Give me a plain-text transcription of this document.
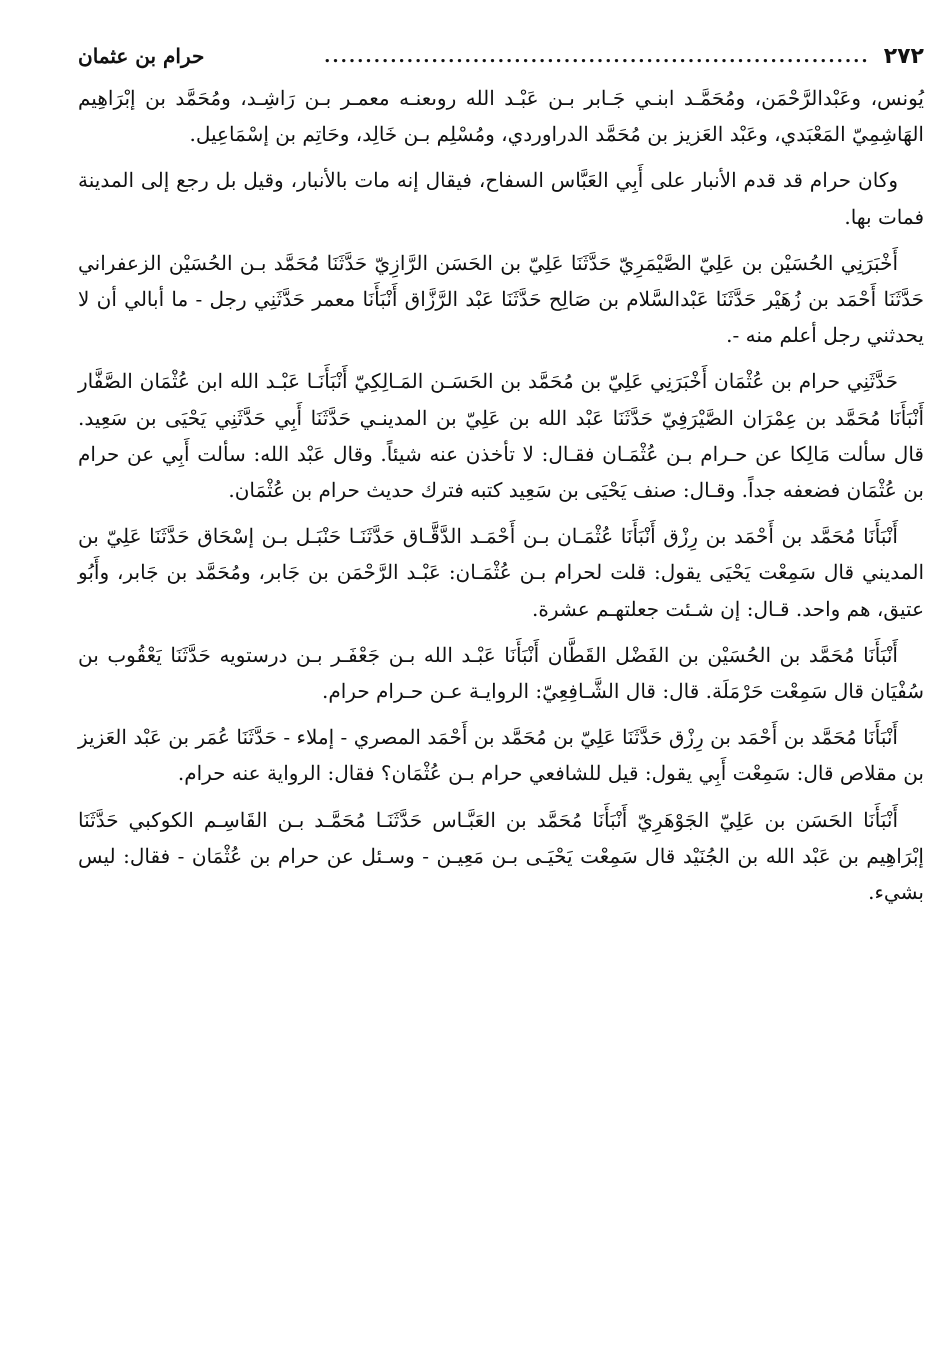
٢٧٢
..................................................................
حرام بن عثمان

يُونس، وعَبْدالرَّحْمَن، ومُحَمَّـد ابنـي جَـابر بـن عَبْـد الله روىعنـه معمـر بـن رَاشِـد، ومُحَمَّد بن إبْرَاهِيم الهَاشِمِيّ المَعْبَدي، وعَبْد العَزيز بن مُحَمَّد الدراوردي، ومُسْلِم بـن خَالِد، وحَاتِم بن إسْمَاعِيل.

وكان حرام قد قدم الأنبار على أَبِي العَبَّاس السفاح، فيقال إنه مات بالأنبار، وقيل بل رجع إلى المدينة فمات بها.

أَخْبَرَنِي الحُسَيْن بن عَلِيّ الصَّيْمَرِيّ حَدَّثَنَا عَلِيّ بن الحَسَن الرَّازِيّ حَدَّثَنَا مُحَمَّد بـن الحُسَيْن الزعفراني حَدَّثَنَا أَحْمَد بن زُهَيْر حَدَّثَنَا عَبْدالسَّلام بن صَالِح حَدَّثَنَا عَبْد الرَّزَّاق أَنْبَأَنَا معمر حَدَّثَنِي رجل - ما أبالي أن لا يحدثني رجل أعلم منه -.

حَدَّثَنِي حرام بن عُثْمَان أَخْبَرَنِي عَلِيّ بن مُحَمَّد بن الحَسَـن المَـالِكِيّ أَنْبَأَنَـا عَبْـد الله ابن عُثْمَان الصَّفَّار أَنْبَأَنَا مُحَمَّد بن عِمْرَان الصَّيْرَفِيّ حَدَّثَنَا عَبْد الله بن عَلِيّ بن المدينـي حَدَّثَنَا أَبِي حَدَّثَنِي يَحْيَى بن سَعِيد. قال سألت مَالِكا عن حـرام بـن عُثْمَـان فقـال: لا تأخذن عنه شيئاً. وقال عَبْد الله: سألت أَبِي عن حرام بن عُثْمَان فضعفه جداً. وقـال: صنف يَحْيَى بن سَعِيد كتبه فترك حديث حرام بن عُثْمَان.

أَنْبَأَنَا مُحَمَّد بن أَحْمَد بن رِزْق أَنْبَأَنَا عُثْمَـان بـن أَحْمَـد الدَّقَّـاق حَدَّثَنَـا حَنْبَـل بـن إسْحَاق حَدَّثَنَا عَلِيّ بن المديني قال سَمِعْت يَحْيَى يقول: قلت لحرام بـن عُثْمَـان: عَبْـد الرَّحْمَن بن جَابر، ومُحَمَّد بن جَابر، وأَبُو عتيق، هم واحد. قـال: إن شـئت جعلتهـم عشرة.

أَنْبَأَنَا مُحَمَّد بن الحُسَيْن بن الفَضْل القَطَّان أَنْبَأَنَا عَبْـد الله بـن جَعْفَـر بـن درستويه حَدَّثَنَا يَعْقُوب بن سُفْيَان قال سَمِعْت حَرْمَلَة. قال: قال الشَّـافِعِيّ: الروايـة عـن حـرام حرام.

أَنْبَأَنَا مُحَمَّد بن أَحْمَد بن رِزْق حَدَّثَنَا عَلِيّ بن مُحَمَّد بن أَحْمَد المصري - إملاء - حَدَّثَنَا عُمَر بن عَبْد العَزيز بن مقلاص قال: سَمِعْت أَبِي يقول: قيل للشافعي حرام بـن عُثْمَان؟ فقال: الرواية عنه حرام.

أَنْبَأَنَا الحَسَن بن عَلِيّ الجَوْهَرِيّ أَنْبَأَنَا مُحَمَّد بن العَبَّـاس حَدَّثَنَـا مُحَمَّـد بـن القَاسِـم الكوكبي حَدَّثَنَا إبْرَاهِيم بن عَبْد الله بن الجُنَيْد قال سَمِعْت يَحْيَـى بـن مَعِيـن - وسـئل عن حرام بن عُثْمَان - فقال: ليس بشيء.
